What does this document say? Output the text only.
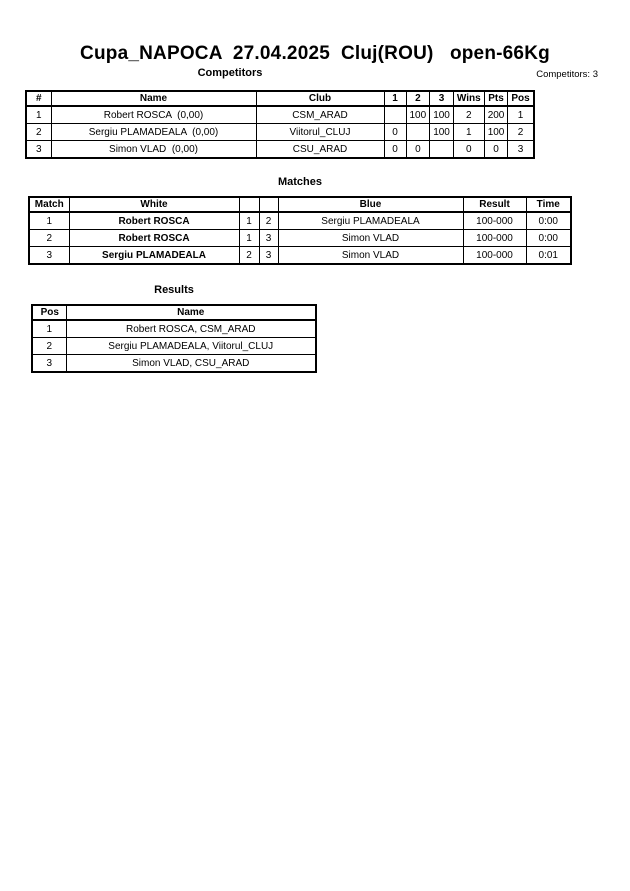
Cupa_NAPOCA  27.04.2025  Cluj(ROU)   open-66Kg
Competitors	Competitors: 3
#	Name	Club	1	2	3	Wins	Pts	Pos
1	Robert ROSCA  (0,00)	CSM_ARAD		100	100	2	200	1
2	Sergiu PLAMADEALA  (0,00)	Viitorul_CLUJ	0		100	1	100	2
3	Simon VLAD  (0,00)	CSU_ARAD	0	0		0	0	3
Matches
Match	White			Blue	Result	Time
1	Robert ROSCA	1	2	Sergiu PLAMADEALA	100-000	0:00
2	Robert ROSCA	1	3	Simon VLAD	100-000	0:00
3	Sergiu PLAMADEALA	2	3	Simon VLAD	100-000	0:01
Results
Pos	Name
1	Robert ROSCA, CSM_ARAD
2	Sergiu PLAMADEALA, Viitorul_CLUJ
3	Simon VLAD, CSU_ARAD
